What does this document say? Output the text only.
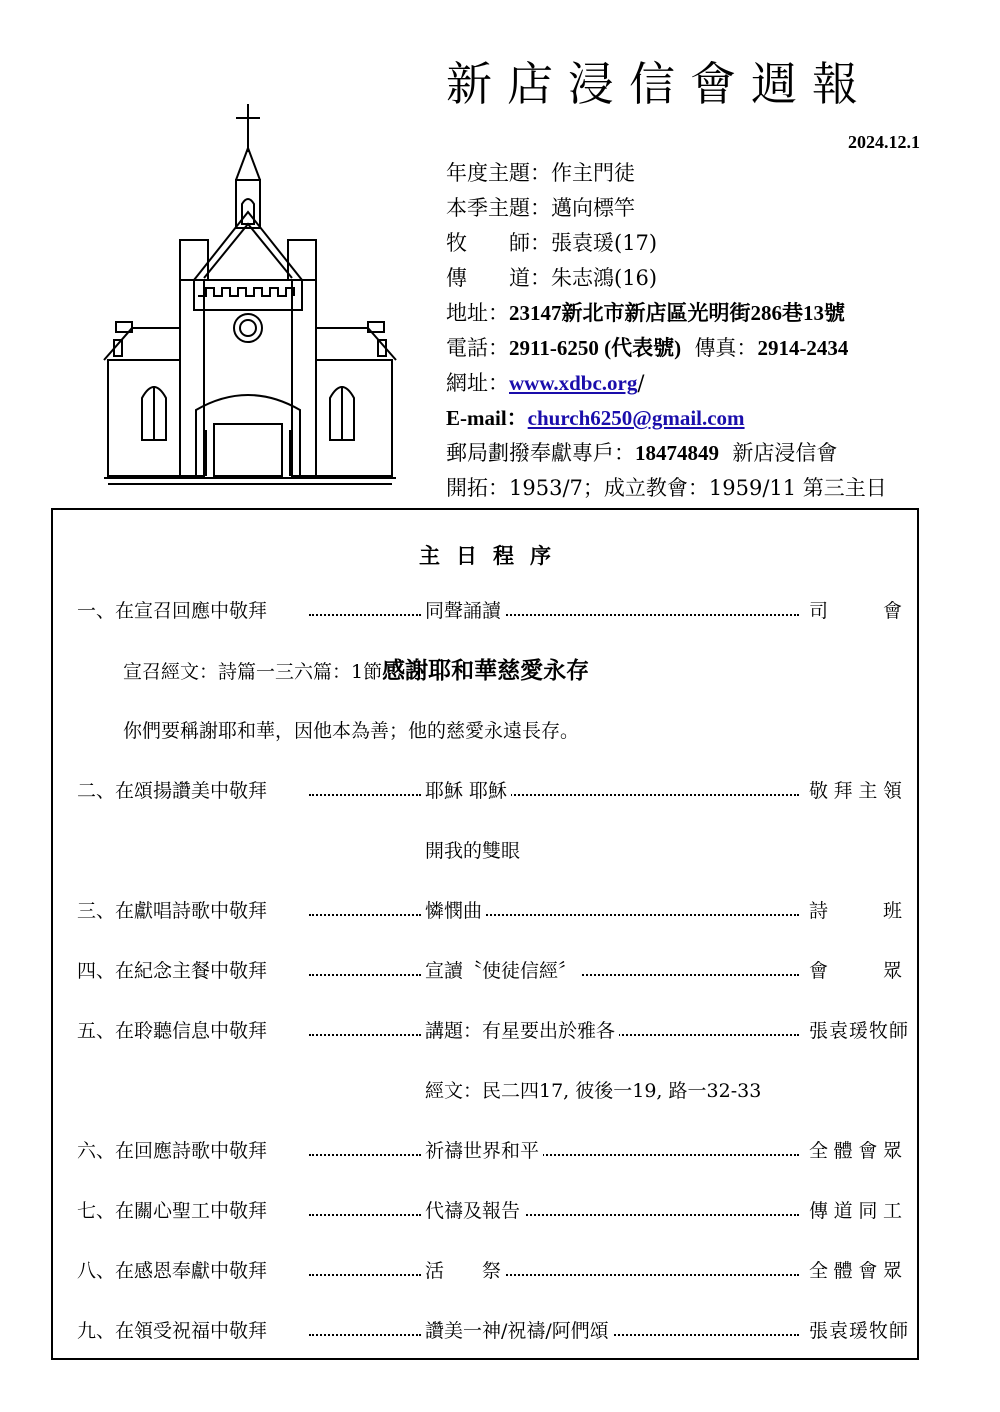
新店浸信會週報
2024.12.1
年度主題：作主門徒
本季主題：邁向標竿
牧 師：張袁瑗(17)
傳 道：朱志鴻(16)
地址：23147新北市新店區光明街286巷13號
電話：2911-6250 (代表號) 傳真：2914-2434
網址：www.xdbc.org/
E-mail：church6250@gmail.com
郵局劃撥奉獻專戶：18474849 新店浸信會
開拓：1953/7；成立教會：1959/11 第三主日
主日程序
一、在宣召回應中敬拜	同聲誦讀	司會
宣召經文：詩篇一三六篇：1節感謝耶和華慈愛永存
你們要稱謝耶和華，因他本為善；他的慈愛永遠長存。
二、在頌揚讚美中敬拜	耶穌 耶穌	敬拜主領
開我的雙眼
三、在獻唱詩歌中敬拜	憐憫曲	詩班
四、在紀念主餐中敬拜	宣讀〝使徒信經〞	會眾
五、在聆聽信息中敬拜	講題：有星要出於雅各	張袁瑗牧師
經文：民二四17, 彼後一19, 路一32-33
六、在回應詩歌中敬拜	祈禱世界和平	全體會眾
七、在關心聖工中敬拜	代禱及報告	傳道同工
八、在感恩奉獻中敬拜	活　　祭	全體會眾
九、在領受祝福中敬拜	讚美一神/祝禱/阿們頌	張袁瑗牧師
